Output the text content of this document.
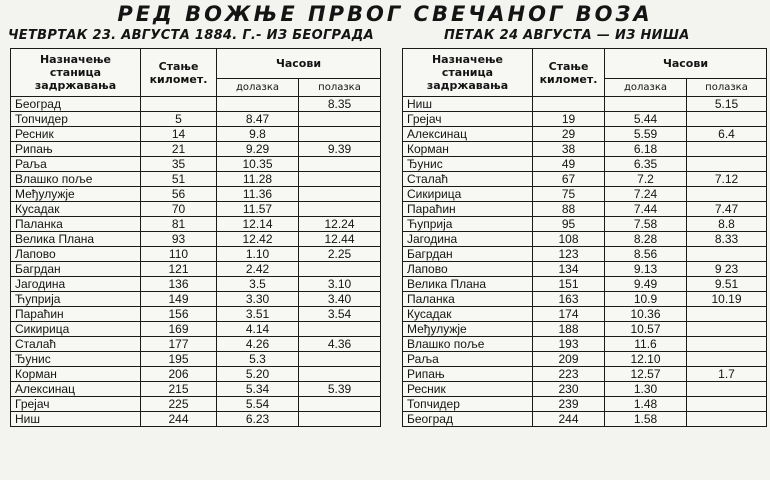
РЕД ВОЖЊЕ ПРВОГ СВЕЧАНОГ ВОЗА
ЧЕТВРТАК 23. АВГУСТА 1884. Г.- ИЗ БЕОГРАДА	ПЕТАК 24 АВГУСТА — ИЗ НИША
Назначење станица задржавања	Стање километ.	Часови	
		долазка	полазка
Београд			8.35
Топчидер	5	8.47	
Ресник	14	9.8	
Рипањ	21	9.29	9.39
Раља	35	10.35	
Влашко поље	51	11.28	
Међулужје	56	11.36	
Кусадак	70	11.57	
Паланка	81	12.14	12.24
Велика Плана	93	12.42	12.44
Лапово	110	1.10	2.25
Багрдан	121	2.42	
Јагодина	136	3.5	3.10
Ћуприја	149	3.30	3.40
Параћин	156	3.51	3.54
Сикирица	169	4.14	
Сталаћ	177	4.26	4.36
Ђунис	195	5.3	
Корман	206	5.20	
Алексинац	215	5.34	5.39
Грејач	225	5.54	
Ниш	244	6.23	
Назначење станица задржавања	Стање километ.	Часови	
		долазка	полазка
Ниш			5.15
Грејач	19	5.44	
Алексинац	29	5.59	6.4
Корман	38	6.18	
Ђунис	49	6.35	
Сталаћ	67	7.2	7.12
Сикирица	75	7.24	
Параћин	88	7.44	7.47
Ћуприја	95	7.58	8.8
Јагодина	108	8.28	8.33
Багрдан	123	8.56	
Лапово	134	9.13	9 23
Велика Плана	151	9.49	9.51
Паланка	163	10.9	10.19
Кусадак	174	10.36	
Међулужје	188	10.57	
Влашко поље	193	11.6	
Раља	209	12.10	
Рипањ	223	12.57	1.7
Ресник	230	1.30	
Топчидер	239	1.48	
Београд	244	1.58	
